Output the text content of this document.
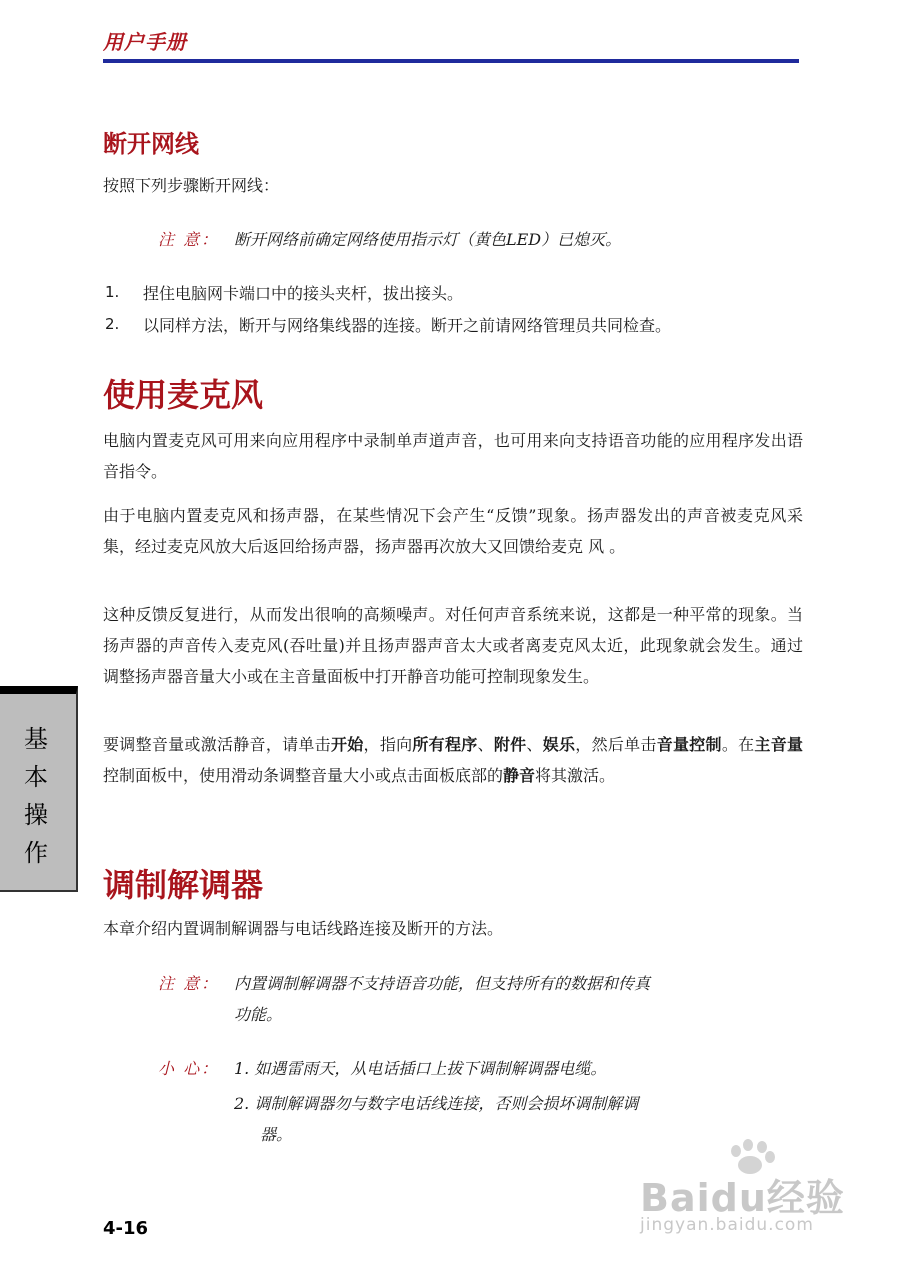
用户手册
断开网线

按照下列步骤断开网线：

注 意： 断开网络前确定网络使用指示灯（黄色LED）已熄灭。
1. 捏住电脑网卡端口中的接头夹杆，拔出接头。
2. 以同样方法，断开与网络集线器的连接。断开之前请网络管理员共同检查。
使用麦克风

电脑内置麦克风可用来向应用程序中录制单声道声音，也可用来向支持语音功能的应用程序发出语音指令。

由于电脑内置麦克风和扬声器，在某些情况下会产生“反馈”现象。扬声器发出的声音被麦克风采集，经过麦克风放大后返回给扬声器，扬声器再次放大又回馈给麦克 风 。

这种反馈反复进行，从而发出很响的高频噪声。对任何声音系统来说，这都是一种平常的现象。当扬声器的声音传入麦克风(吞吐量)并且扬声器声音太大或者离麦克风太近，此现象就会发生。通过调整扬声器音量大小或在主音量面板中打开静音功能可控制现象发生。

要调整音量或激活静音，请单击开始，指向所有程序、附件、娱乐，然后单击音量控制。在主音量控制面板中，使用滑动条调整音量大小或点击面板底部的静音将其激活。

调制解调器

本章介绍内置调制解调器与电话线路连接及断开的方法。

注 意： 内置调制解调器不支持语音功能，但支持所有的数据和传真
功能。
小 心： 1. 如遇雷雨天，从电话插口上拔下调制解调器电缆。
2. 调制解调器勿与数字电话线连接，否则会损坏调制解调
器。
基
本
操
作
4-16
Baidu经验
jingyan.baidu.com
